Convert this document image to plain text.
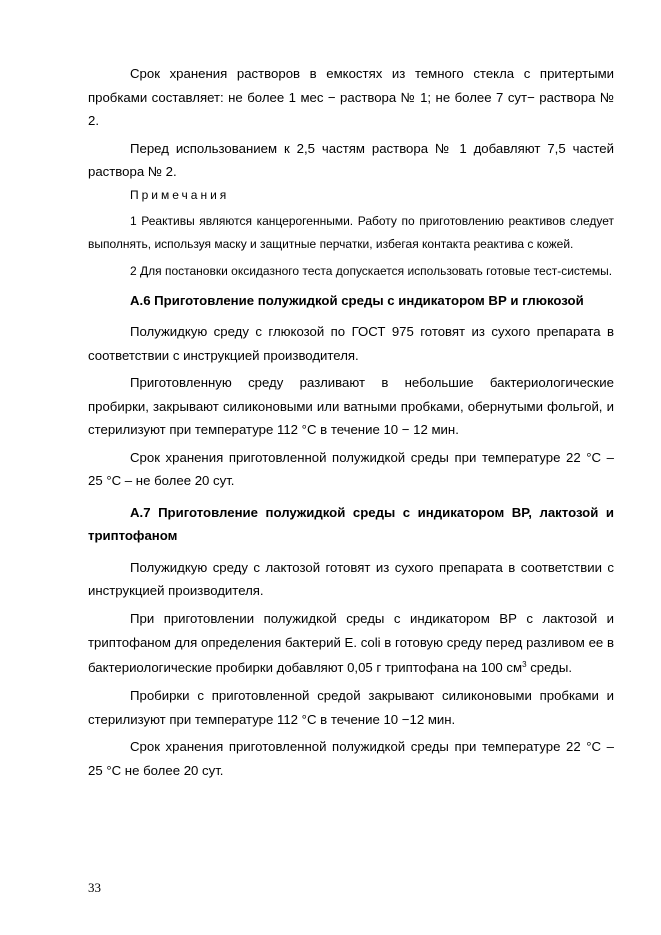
Срок хранения растворов в емкостях из темного стекла с притертыми пробками составляет: не более 1 мес − раствора № 1; не более 7 сут− раствора № 2.

Перед использованием к 2,5 частям раствора № 1 добавляют 7,5 частей раствора № 2.

Примечания

1 Реактивы являются канцерогенными. Работу по приготовлению реактивов следует выполнять, используя маску и защитные перчатки, избегая контакта реактива с кожей.

2 Для постановки оксидазного теста допускается использовать готовые тест-системы.

А.6 Приготовление полужидкой среды с индикатором ВР и глюкозой

Полужидкую среду с глюкозой по ГОСТ 975 готовят из сухого препарата в соответствии с инструкцией производителя.

Приготовленную среду разливают в небольшие бактериологические пробирки, закрывают силиконовыми или ватными пробками, обернутыми фольгой, и стерилизуют при температуре 112 °С в течение 10 − 12 мин.

Срок хранения приготовленной полужидкой среды при температуре 22 °С – 25 °С – не более 20 сут.

А.7 Приготовление полужидкой среды с индикатором ВР, лактозой и триптофаном

Полужидкую среду с лактозой готовят из сухого препарата в соответствии с инструкцией производителя.

При приготовлении полужидкой среды с индикатором ВР с лактозой и триптофаном для определения бактерий E. coli в готовую среду перед разливом ее в бактериологические пробирки добавляют 0,05 г триптофана на 100 $см^3$ среды.

Пробирки с приготовленной средой закрывают силиконовыми пробками и стерилизуют при температуре 112 °С в течение 10 −12 мин.

Срок хранения приготовленной полужидкой среды при температуре 22 °С – 25 °С не более 20 сут.

33
